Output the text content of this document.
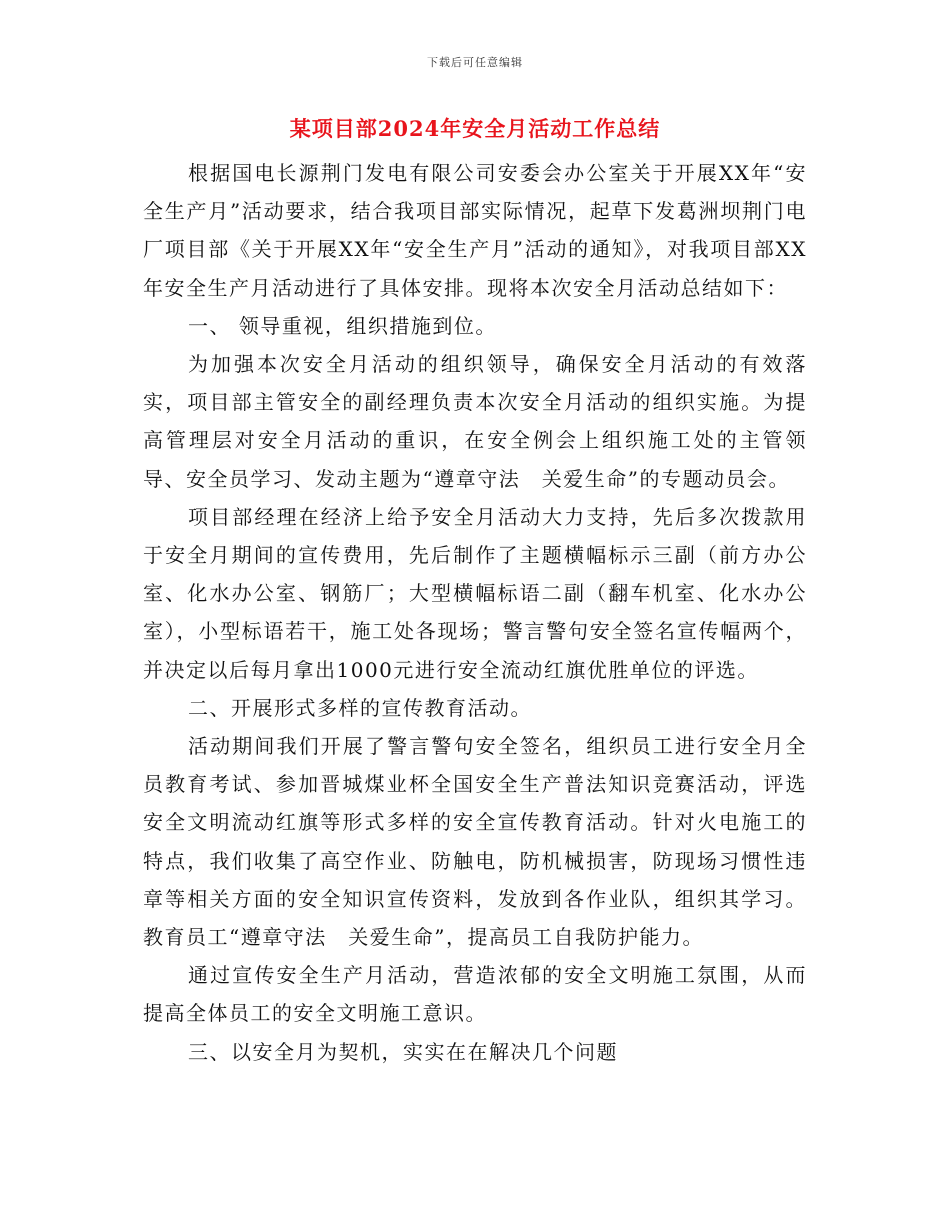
下载后可任意编辑
某项目部2024年安全月活动工作总结

根据国电长源荆门发电有限公司安委会办公室关于开展XX年“安全生产月”活动要求，结合我项目部实际情况，起草下发葛洲坝荆门电厂项目部《关于开展XX年“安全生产月”活动的通知》，对我项目部XX年安全生产月活动进行了具体安排。现将本次安全月活动总结如下：

一、 领导重视，组织措施到位。

为加强本次安全月活动的组织领导，确保安全月活动的有效落实，项目部主管安全的副经理负责本次安全月活动的组织实施。为提高管理层对安全月活动的重识，在安全例会上组织施工处的主管领导、安全员学习、发动主题为“遵章守法　关爱生命”的专题动员会。

项目部经理在经济上给予安全月活动大力支持，先后多次拨款用于安全月期间的宣传费用，先后制作了主题横幅标示三副（前方办公室、化水办公室、钢筋厂；大型横幅标语二副（翻车机室、化水办公室），小型标语若干，施工处各现场；警言警句安全签名宣传幅两个，并决定以后每月拿出1000元进行安全流动红旗优胜单位的评选。

二、开展形式多样的宣传教育活动。

活动期间我们开展了警言警句安全签名，组织员工进行安全月全员教育考试、参加晋城煤业杯全国安全生产普法知识竞赛活动，评选安全文明流动红旗等形式多样的安全宣传教育活动。针对火电施工的特点，我们收集了高空作业、防触电，防机械损害，防现场习惯性违章等相关方面的安全知识宣传资料，发放到各作业队，组织其学习。教育员工“遵章守法　关爱生命”，提高员工自我防护能力。

通过宣传安全生产月活动，营造浓郁的安全文明施工氛围，从而提高全体员工的安全文明施工意识。

三、以安全月为契机，实实在在解决几个问题
